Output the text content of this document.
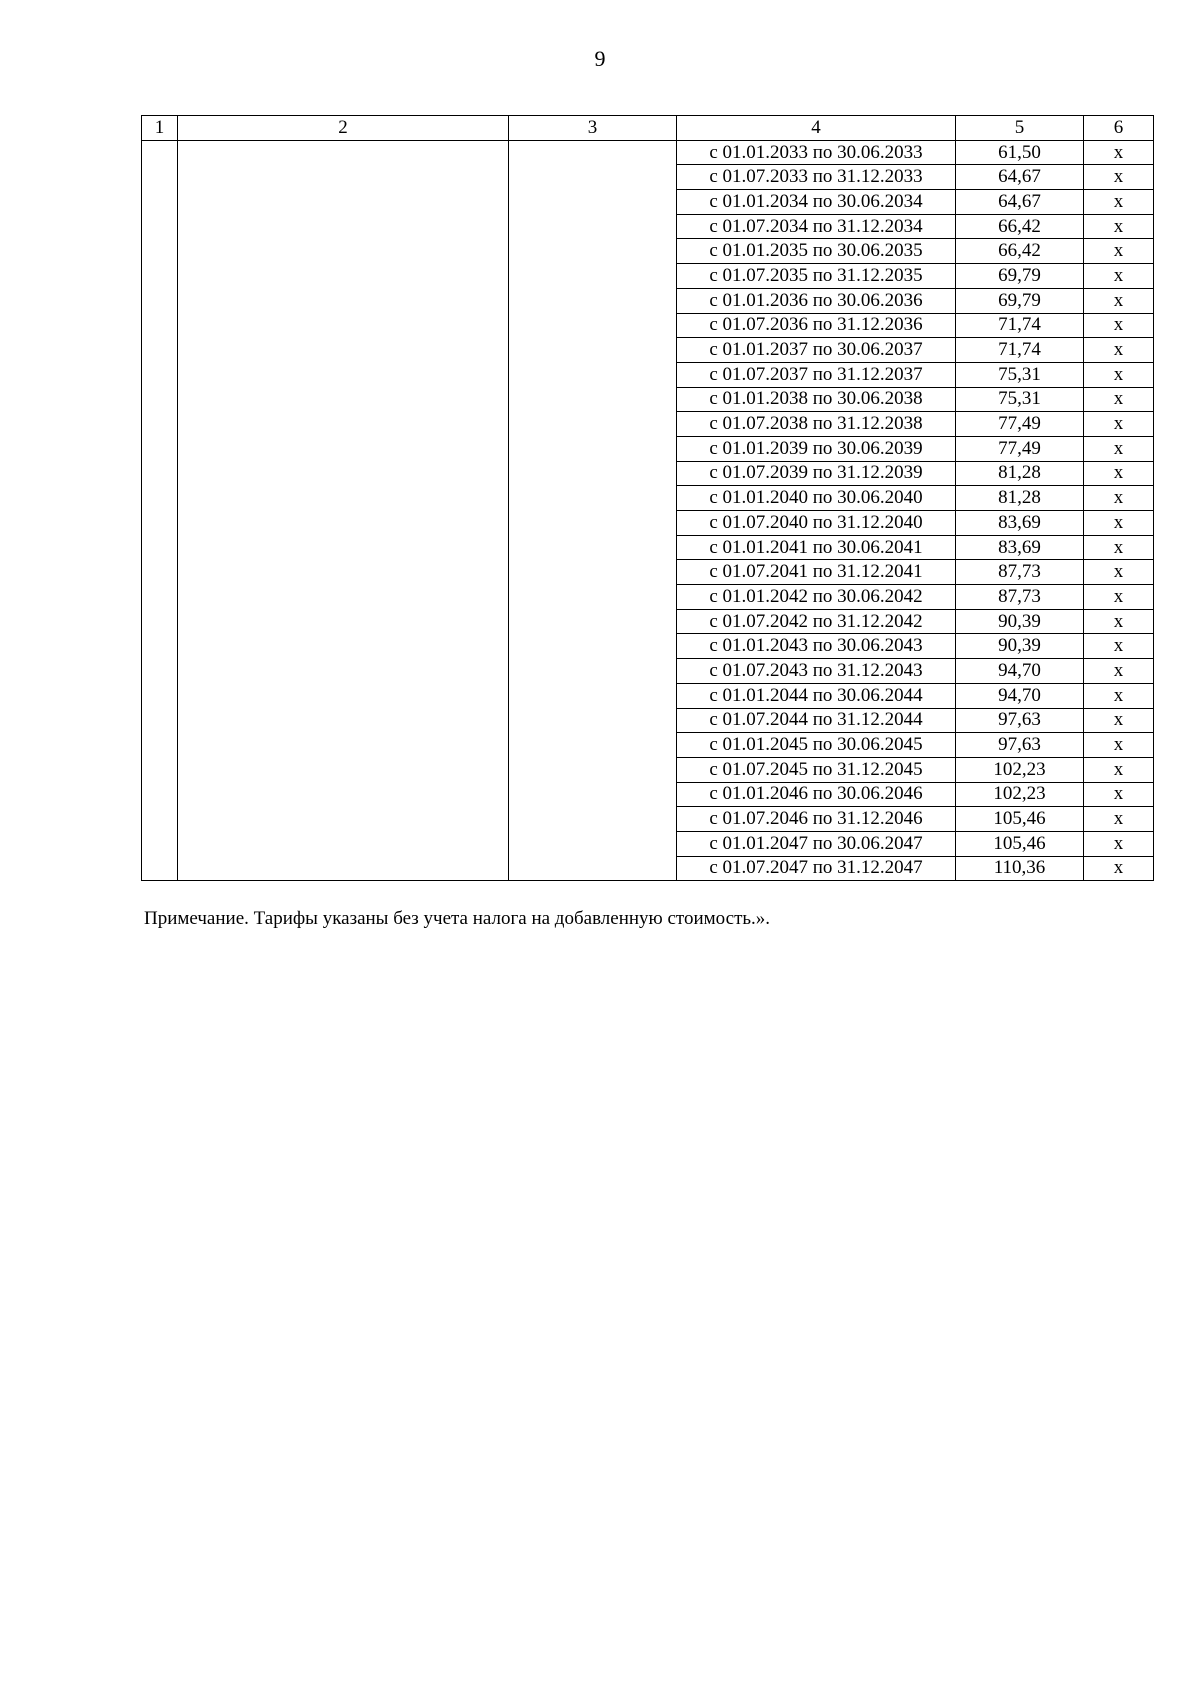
9
1	2	3	4	5	6
			с 01.01.2033 по 30.06.2033	61,50	х
			с 01.07.2033 по 31.12.2033	64,67	х
			с 01.01.2034 по 30.06.2034	64,67	х
			с 01.07.2034 по 31.12.2034	66,42	х
			с 01.01.2035 по 30.06.2035	66,42	х
			с 01.07.2035 по 31.12.2035	69,79	х
			с 01.01.2036 по 30.06.2036	69,79	х
			с 01.07.2036 по 31.12.2036	71,74	х
			с 01.01.2037 по 30.06.2037	71,74	х
			с 01.07.2037 по 31.12.2037	75,31	х
			с 01.01.2038 по 30.06.2038	75,31	х
			с 01.07.2038 по 31.12.2038	77,49	х
			с 01.01.2039 по 30.06.2039	77,49	х
			с 01.07.2039 по 31.12.2039	81,28	х
			с 01.01.2040 по 30.06.2040	81,28	х
			с 01.07.2040 по 31.12.2040	83,69	х
			с 01.01.2041 по 30.06.2041	83,69	х
			с 01.07.2041 по 31.12.2041	87,73	х
			с 01.01.2042 по 30.06.2042	87,73	х
			с 01.07.2042 по 31.12.2042	90,39	х
			с 01.01.2043 по 30.06.2043	90,39	х
			с 01.07.2043 по 31.12.2043	94,70	х
			с 01.01.2044 по 30.06.2044	94,70	х
			с 01.07.2044 по 31.12.2044	97,63	х
			с 01.01.2045 по 30.06.2045	97,63	х
			с 01.07.2045 по 31.12.2045	102,23	х
			с 01.01.2046 по 30.06.2046	102,23	х
			с 01.07.2046 по 31.12.2046	105,46	х
			с 01.01.2047 по 30.06.2047	105,46	х
			с 01.07.2047 по 31.12.2047	110,36	х
Примечание. Тарифы указаны без учета налога на добавленную стоимость.».
